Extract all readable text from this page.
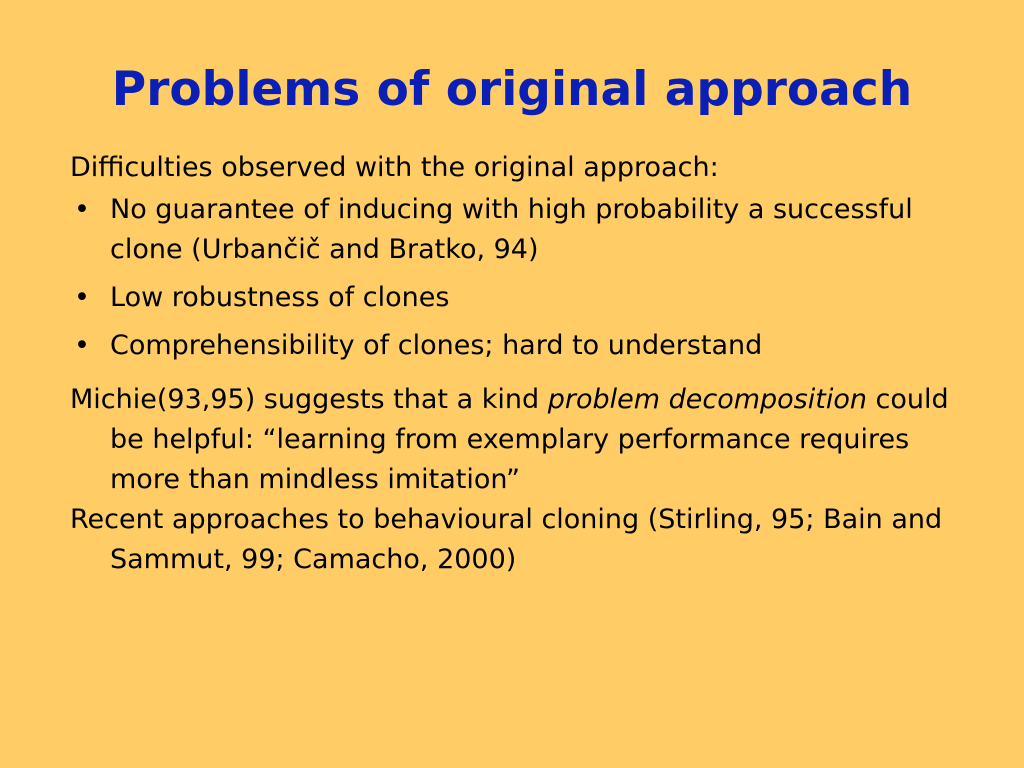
Problems of original approach

Difficulties observed with the original approach:

• No guarantee of inducing with high probability a successful clone (Urbančič and Bratko, 94)
• Low robustness of clones
• Comprehensibility of clones; hard to understand

Michie(93,95) suggests that a kind problem decomposition could be helpful: “learning from exemplary performance requires more than mindless imitation”

Recent approaches to behavioural cloning (Stirling, 95; Bain and Sammut, 99; Camacho, 2000)
